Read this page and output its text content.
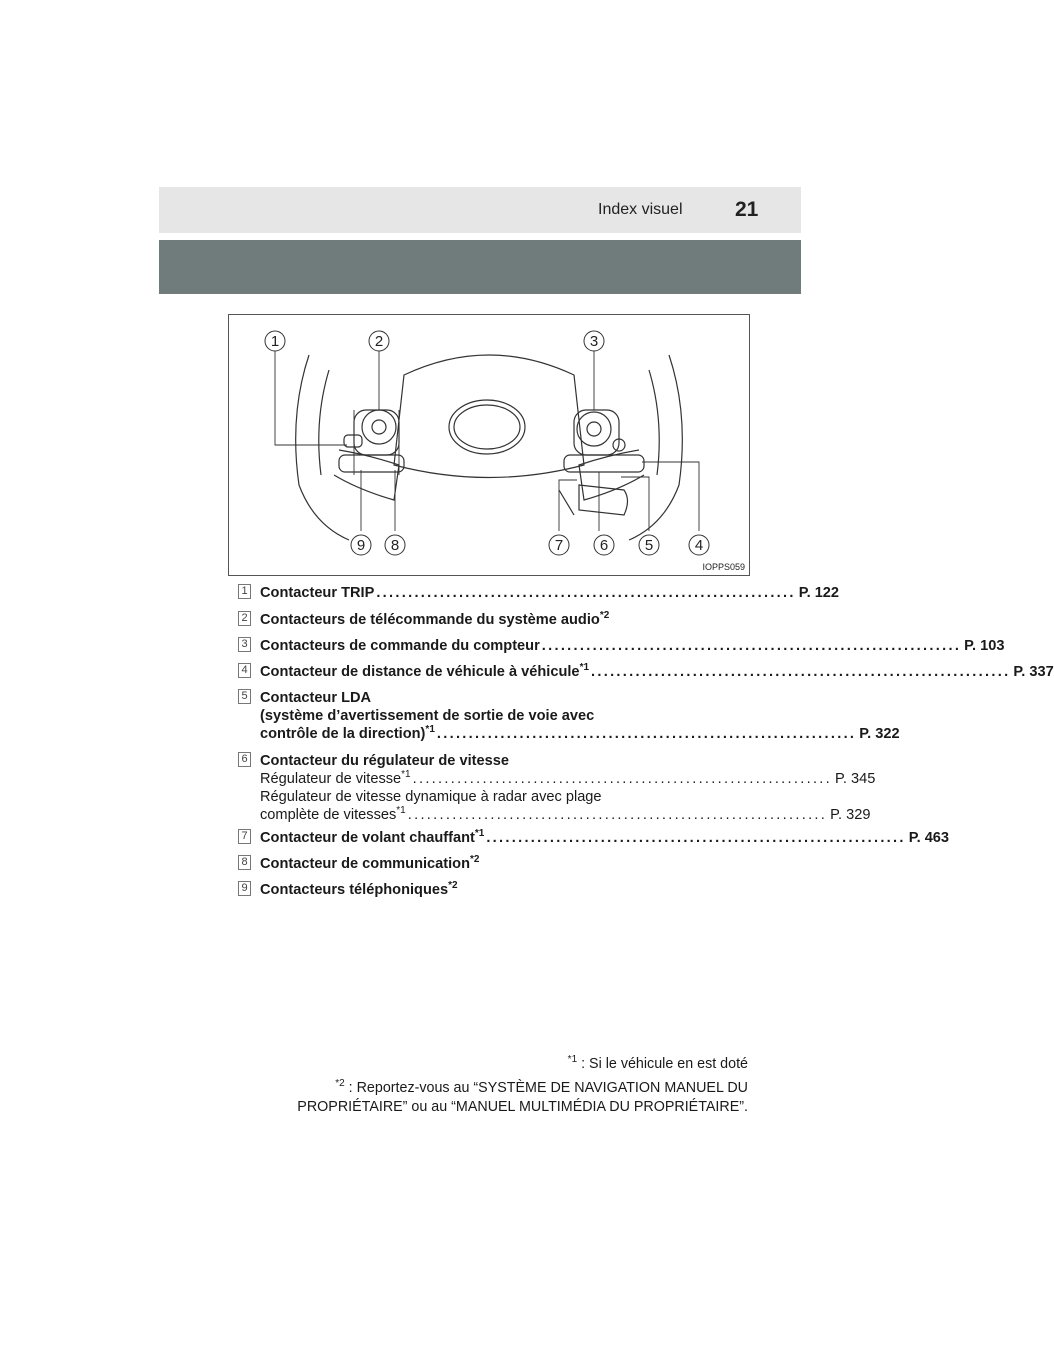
Index visuel	21
1	2	3
4
5
6
7
8
9
IOPPS059
1 Contacteur TRIP .................................................................. P. 122
2 Contacteurs de télécommande du système audio$^{*2}$
3 Contacteurs de commande du compteur .................................................................. P. 103
4 Contacteur de distance de véhicule à véhicule$^{*1}$ .................................................................. P. 337
5 Contacteur LDA
(système d’avertissement de sortie de voie avec
contrôle de la direction)$^{*1}$ .................................................................. P. 322
6 Contacteur du régulateur de vitesse
Régulateur de vitesse$^{*1}$ .................................................................. P. 345
Régulateur de vitesse dynamique à radar avec plage
complète de vitesses$^{*1}$ .................................................................. P. 329
7 Contacteur de volant chauffant$^{*1}$ .................................................................. P. 463
8 Contacteur de communication$^{*2}$
9 Contacteurs téléphoniques$^{*2}$
$^{*1}$ : Si le véhicule en est doté
$^{*2}$ : Reportez-vous au “SYSTÈME DE NAVIGATION MANUEL DU
PROPRIÉTAIRE” ou au “MANUEL MULTIMÉDIA DU PROPRIÉTAIRE”.
